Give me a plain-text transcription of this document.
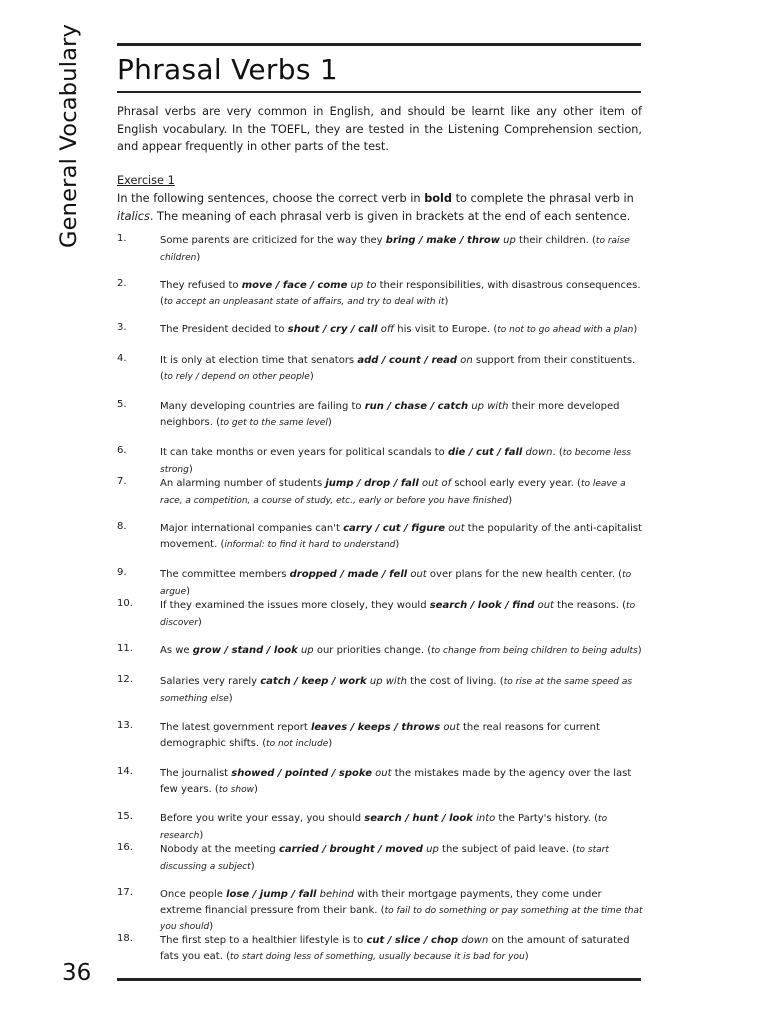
General Vocabulary
36
Phrasal Verbs 1

Phrasal verbs are very common in English, and should be learnt like any other item of English vocabulary. In the TOEFL, they are tested in the Listening Comprehension section, and appear frequently in other parts of the test.

Exercise 1

In the following sentences, choose the correct verb in bold to complete the phrasal verb in italics. The meaning of each phrasal verb is given in brackets at the end of each sentence.

1.	Some parents are criticized for the way they bring / make / throw up their children. (to raise children)

2.	They refused to move / face / come up to their responsibilities, with disastrous consequences. (to accept an unpleasant state of affairs, and try to deal with it)

3.	The President decided to shout / cry / call off his visit to Europe. (to not to go ahead with a plan)

4.	It is only at election time that senators add / count / read on support from their constituents. (to rely / depend on other people)

5.	Many developing countries are failing to run / chase / catch up with their more developed neighbors. (to get to the same level)

6.	It can take months or even years for political scandals to die / cut / fall down. (to become less strong)

7.	An alarming number of students jump / drop / fall out of school early every year. (to leave a race, a competition, a course of study, etc., early or before you have finished)

8.	Major international companies can't carry / cut / figure out the popularity of the anti-capitalist movement. (informal: to find it hard to understand)

9.	The committee members dropped / made / fell out over plans for the new health center. (to argue)

10.	If they examined the issues more closely, they would search / look / find out the reasons. (to discover)

11.	As we grow / stand / look up our priorities change. (to change from being children to being adults)

12.	Salaries very rarely catch / keep / work up with the cost of living. (to rise at the same speed as something else)

13.	The latest government report leaves / keeps / throws out the real reasons for current demographic shifts. (to not include)

14.	The journalist showed / pointed / spoke out the mistakes made by the agency over the last few years. (to show)

15.	Before you write your essay, you should search / hunt / look into the Party's history. (to research)

16.	Nobody at the meeting carried / brought / moved up the subject of paid leave. (to start discussing a subject)

17.	Once people lose / jump / fall behind with their mortgage payments, they come under extreme financial pressure from their bank. (to fail to do something or pay something at the time that you should)

18.	The first step to a healthier lifestyle is to cut / slice / chop down on the amount of saturated fats you eat. (to start doing less of something, usually because it is bad for you)
